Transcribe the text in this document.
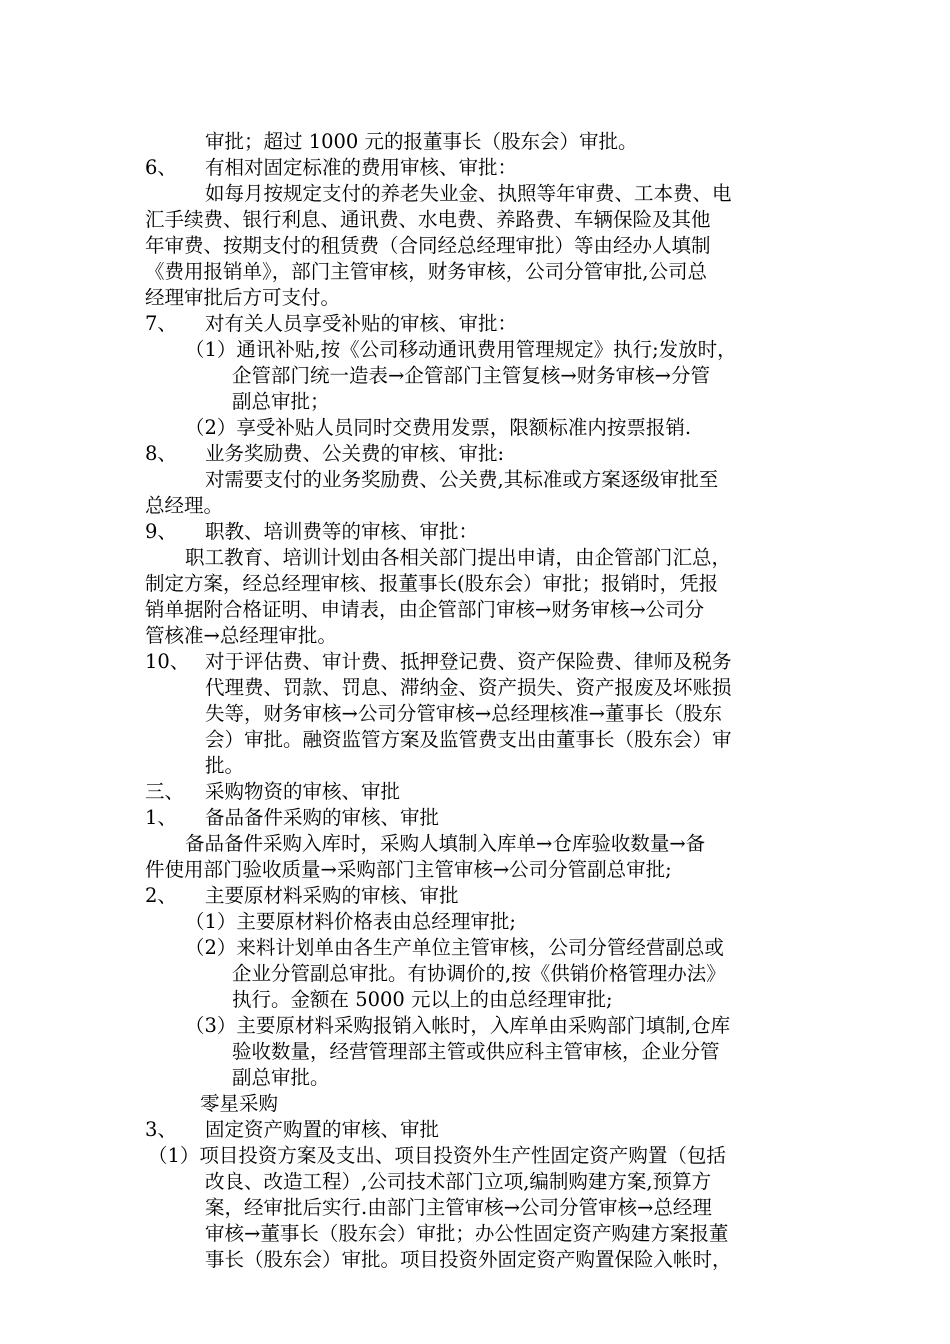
审批；超过 1000 元的报董事长（股东会）审批。
6、 有相对固定标准的费用审核、审批：
如每月按规定支付的养老失业金、执照等年审费、工本费、电
汇手续费、银行利息、通讯费、水电费、养路费、车辆保险及其他
年审费、按期支付的租赁费（合同经总经理审批）等由经办人填制
《费用报销单》，部门主管审核，财务审核，公司分管审批,公司总
经理审批后方可支付。
7、 对有关人员享受补贴的审核、审批：
（1）通讯补贴,按《公司移动通讯费用管理规定》执行;发放时，
企管部门统一造表→企管部门主管复核→财务审核→分管
副总审批；
（2）享受补贴人员同时交费用发票，限额标准内按票报销.
8、 业务奖励费、公关费的审核、审批:
对需要支付的业务奖励费、公关费,其标准或方案逐级审批至
总经理。
9、 职教、培训费等的审核、审批：
职工教育、培训计划由各相关部门提出申请，由企管部门汇总，
制定方案，经总经理审核、报董事长(股东会）审批；报销时，凭报
销单据附合格证明、申请表，由企管部门审核→财务审核→公司分
管核准→总经理审批。
10、 对于评估费、审计费、抵押登记费、资产保险费、律师及税务
代理费、罚款、罚息、滞纳金、资产损失、资产报废及坏账损
失等，财务审核→公司分管审核→总经理核准→董事长（股东
会）审批。融资监管方案及监管费支出由董事长（股东会）审
批。
三、 采购物资的审核、审批
1、 备品备件采购的审核、审批
备品备件采购入库时，采购人填制入库单→仓库验收数量→备
件使用部门验收质量→采购部门主管审核→公司分管副总审批;
2、 主要原材料采购的审核、审批
（1）主要原材料价格表由总经理审批;
（2）来料计划单由各生产单位主管审核，公司分管经营副总或
企业分管副总审批。有协调价的,按《供销价格管理办法》
执行。金额在 5000 元以上的由总经理审批;
（3）主要原材料采购报销入帐时，入库单由采购部门填制,仓库
验收数量，经营管理部主管或供应科主管审核，企业分管
副总审批。
零星采购
3、 固定资产购置的审核、审批
（1）项目投资方案及支出、项目投资外生产性固定资产购置（包括
改良、改造工程）,公司技术部门立项,编制购建方案,预算方
案，经审批后实行.由部门主管审核→公司分管审核→总经理
审核→董事长（股东会）审批；办公性固定资产购建方案报董
事长（股东会）审批。项目投资外固定资产购置保险入帐时，
